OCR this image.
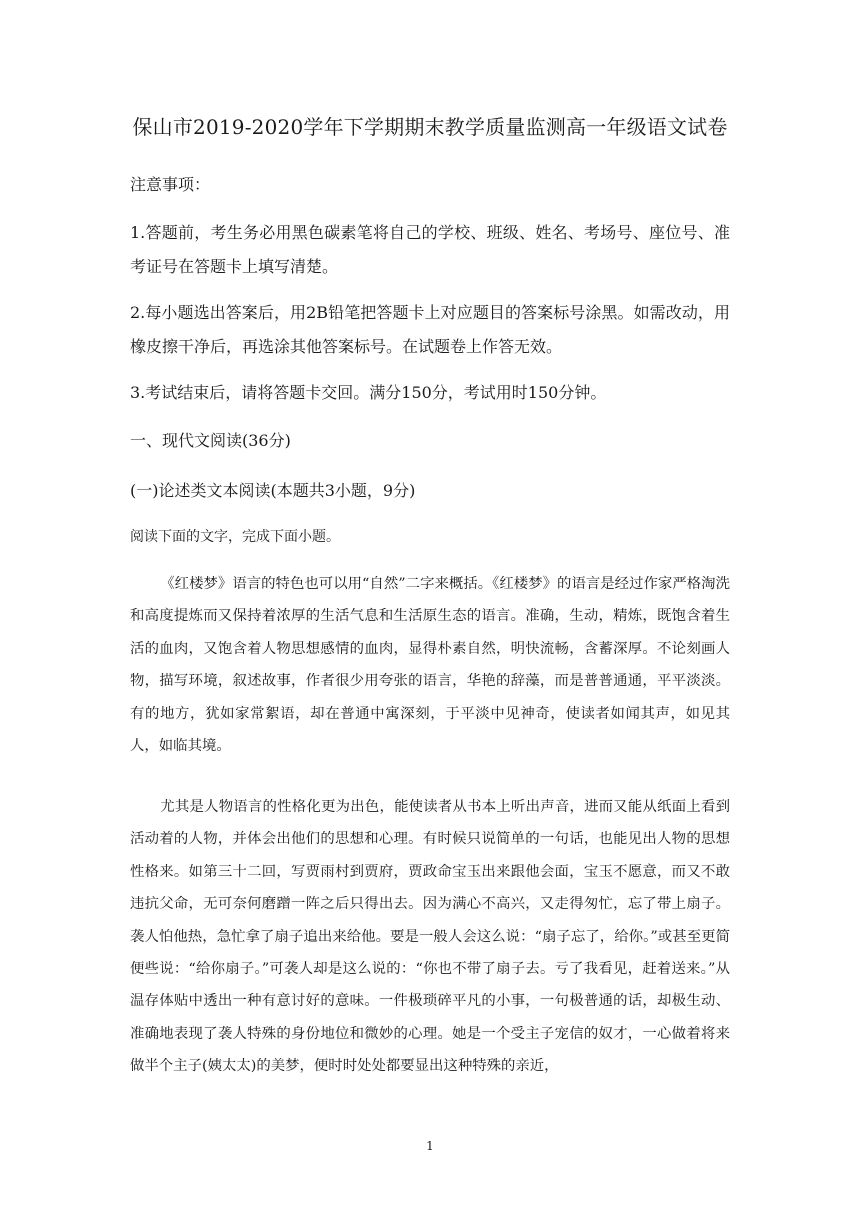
保山市2019-2020学年下学期期末教学质量监测高一年级语文试卷

注意事项：

1.答题前，考生务必用黑色碳素笔将自己的学校、班级、姓名、考场号、座位号、准考证号在答题卡上填写清楚。

2.每小题选出答案后，用2B铅笔把答题卡上对应题目的答案标号涂黑。如需改动，用橡皮擦干净后，再选涂其他答案标号。在试题卷上作答无效。

3.考试结束后，请将答题卡交回。满分150分，考试用时150分钟。

一、现代文阅读(36分)

(一)论述类文本阅读(本题共3小题，9分)

阅读下面的文字，完成下面小题。

《红楼梦》语言的特色也可以用“自然”二字来概括。《红楼梦》的语言是经过作家严格淘洗和高度提炼而又保持着浓厚的生活气息和生活原生态的语言。准确，生动，精炼，既饱含着生活的血肉，又饱含着人物思想感情的血肉，显得朴素自然，明快流畅，含蓄深厚。不论刻画人物，描写环境，叙述故事，作者很少用夸张的语言，华艳的辞藻，而是普普通通，平平淡淡。有的地方，犹如家常絮语，却在普通中寓深刻，于平淡中见神奇，使读者如闻其声，如见其人，如临其境。

尤其是人物语言的性格化更为出色，能使读者从书本上听出声音，进而又能从纸面上看到活动着的人物，并体会出他们的思想和心理。有时候只说简单的一句话，也能见出人物的思想性格来。如第三十二回，写贾雨村到贾府，贾政命宝玉出来跟他会面，宝玉不愿意，而又不敢违抗父命，无可奈何磨蹭一阵之后只得出去。因为满心不高兴，又走得匆忙，忘了带上扇子。袭人怕他热，急忙拿了扇子追出来给他。要是一般人会这么说：“扇子忘了，给你。”或甚至更简便些说：“给你扇子。”可袭人却是这么说的：“你也不带了扇子去。亏了我看见，赶着送来。”从温存体贴中透出一种有意讨好的意味。一件极琐碎平凡的小事，一句极普通的话，却极生动、准确地表现了袭人特殊的身份地位和微妙的心理。她是一个受主子宠信的奴才，一心做着将来做半个主子(姨太太)的美梦，便时时处处都要显出这种特殊的亲近，

1
